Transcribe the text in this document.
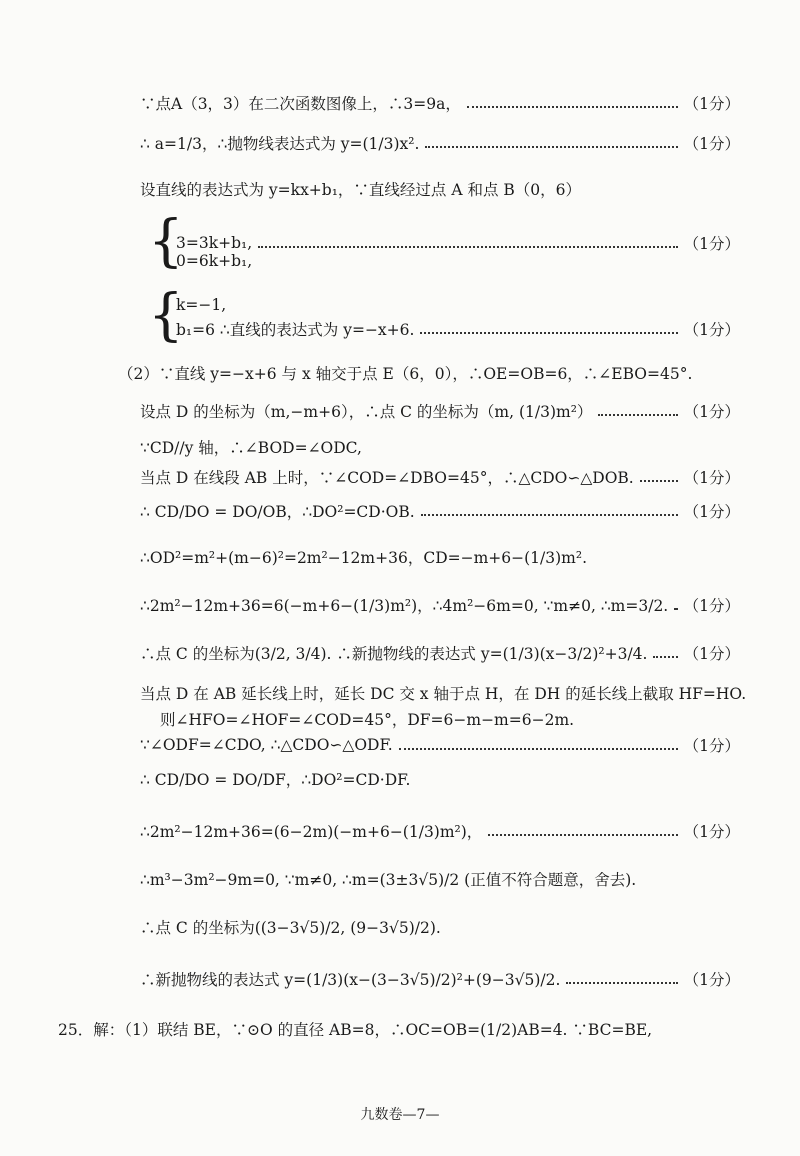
∵点A（3，3）在二次函数图像上，∴3=9a，	（1分）
∴ a=1/3，∴抛物线表达式为 y=(1/3)x².	（1分）
设直线的表达式为 y=kx+b₁，∵直线经过点 A 和点 B（0，6）
{
3=3k+b₁,	（1分）
0=6k+b₁,
{
k=−1,
b₁=6 ∴直线的表达式为 y=−x+6.	（1分）
（2）∵直线 y=−x+6 与 x 轴交于点 E（6，0），∴OE=OB=6，∴∠EBO=45°.
设点 D 的坐标为（m,−m+6），∴点 C 的坐标为（m, (1/3)m²）	（1分）
∵CD//y 轴，∴∠BOD=∠ODC,
当点 D 在线段 AB 上时，∵∠COD=∠DBO=45°，∴△CDO∽△DOB.	（1分）
∴ CD/DO = DO/OB，∴DO²=CD·OB.	（1分）
∴OD²=m²+(m−6)²=2m²−12m+36，CD=−m+6−(1/3)m².
∴2m²−12m+36=6(−m+6−(1/3)m²)，∴4m²−6m=0, ∵m≠0, ∴m=3/2. （1分）
∴点 C 的坐标为(3/2, 3/4). ∴新抛物线的表达式 y=(1/3)(x−3/2)²+3/4. （1分）
当点 D 在 AB 延长线上时，延长 DC 交 x 轴于点 H，在 DH 的延长线上截取 HF=HO.
则∠HFO=∠HOF=∠COD=45°，DF=6−m−m=6−2m.
∵∠ODF=∠CDO, ∴△CDO∽△ODF.	（1分）
∴ CD/DO = DO/DF，∴DO²=CD·DF.
∴2m²−12m+36=(6−2m)(−m+6−(1/3)m²)，	（1分）
∴m³−3m²−9m=0, ∵m≠0, ∴m=(3±3√5)/2 (正值不符合题意，舍去).
∴点 C 的坐标为((3−3√5)/2, (9−3√5)/2).
∴新抛物线的表达式 y=(1/3)(x−(3−3√5)/2)²+(9−3√5)/2.	（1分）
25．解：（1）联结 BE，∵⊙O 的直径 AB=8，∴OC=OB=(1/2)AB=4. ∵BC=BE,
九数卷—7—
